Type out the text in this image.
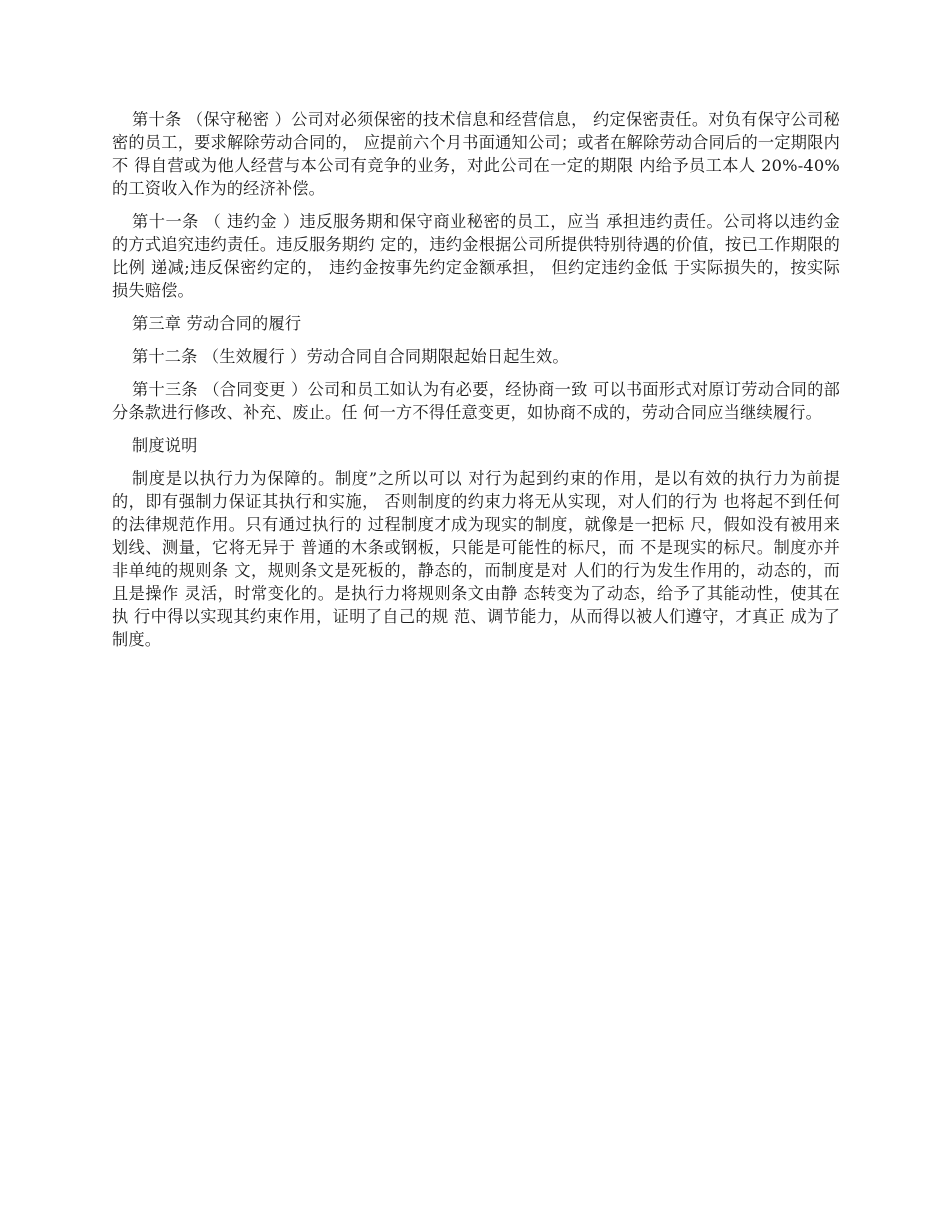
第十条 （保守秘密 ）公司对必须保密的技术信息和经营信息， 约定保密责任。对负有保守公司秘密的员工，要求解除劳动合同的， 应提前六个月书面通知公司；或者在解除劳动合同后的一定期限内不 得自营或为他人经营与本公司有竞争的业务，对此公司在一定的期限 内给予员工本人 20%-40%的工资收入作为的经济补偿。

第十一条 （ 违约金 ）违反服务期和保守商业秘密的员工，应当 承担违约责任。公司将以违约金的方式追究违约责任。违反服务期约 定的，违约金根据公司所提供特别待遇的价值，按已工作期限的比例 递减;违反保密约定的， 违约金按事先约定金额承担， 但约定违约金低 于实际损失的，按实际损失赔偿。

第三章 劳动合同的履行

第十二条 （生效履行 ）劳动合同自合同期限起始日起生效。

第十三条 （合同变更 ）公司和员工如认为有必要，经协商一致 可以书面形式对原订劳动合同的部分条款进行修改、补充、废止。任 何一方不得任意变更，如协商不成的，劳动合同应当继续履行。

制度说明

制度是以执行力为保障的。制度”之所以可以 对行为起到约束的作用，是以有效的执行力为前提的，即有强制力保证其执行和实施， 否则制度的约束力将无从实现，对人们的行为 也将起不到任何的法律规范作用。只有通过执行的 过程制度才成为现实的制度，就像是一把标 尺，假如没有被用来划线、测量，它将无异于 普通的木条或钢板，只能是可能性的标尺，而 不是现实的标尺。制度亦并非单纯的规则条 文，规则条文是死板的，静态的，而制度是对 人们的行为发生作用的，动态的，而且是操作 灵活，时常变化的。是执行力将规则条文由静 态转变为了动态，给予了其能动性，使其在执 行中得以实现其约束作用，证明了自己的规 范、调节能力，从而得以被人们遵守，才真正 成为了制度。
